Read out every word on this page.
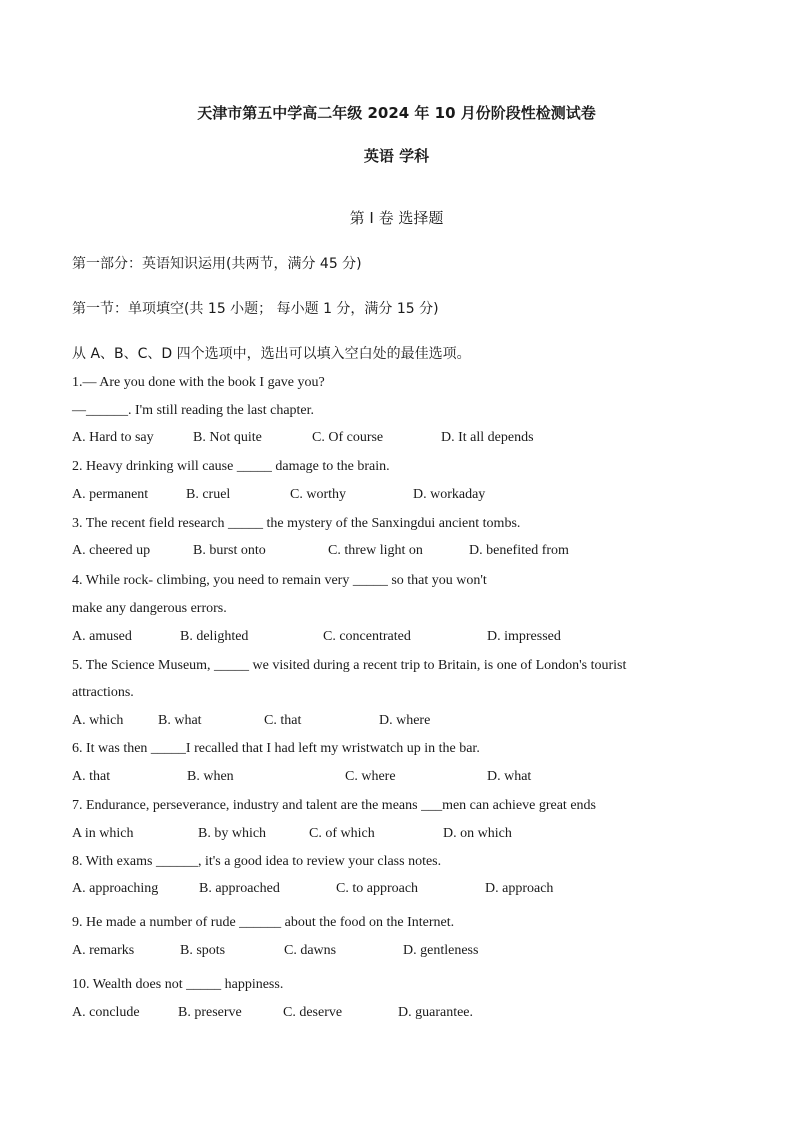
天津市第五中学高二年级 2024 年 10 月份阶段性检测试卷
英语 学科
第 I 卷 选择题
第一部分：英语知识运用(共两节，满分 45 分)
第一节：单项填空(共 15 小题； 每小题 1 分，满分 15 分)
从 A、B、C、D 四个选项中，选出可以填入空白处的最佳选项。
1.— Are you done with the book I gave you?
—______. I'm still reading the last chapter.
2. Heavy drinking will cause _____ damage to the brain.
3. The recent field research _____ the mystery of the Sanxingdui ancient tombs.
4. While rock- climbing, you need to remain very _____ so that you won't
make any dangerous errors.
5. The Science Museum, _____ we visited during a recent trip to Britain, is one of London's tourist
attractions.
6. It was then _____I recalled that I had left my wristwatch up in the bar.
7. Endurance, perseverance, industry and talent are the means ___men can achieve great ends
8. With exams ______, it's a good idea to review your class notes.
9. He made a number of rude ______ about the food on the Internet.
10. Wealth does not _____ happiness.
A. Hard to say	B. Not quite	C. Of course	D. It all depends
A. permanent	B. cruel	C. worthy	D. workaday
A. cheered up	B. burst onto	C. threw light on	D. benefited from
A. amused	B. delighted	C. concentrated	D. impressed
A. which B. what	C. that	D. where
A. that	B. when	C. where	D. what
A in which	B. by which	C. of which	D. on which
A. approaching	B. approached	C. to approach	D. approach
A. remarks	B. spots	C. dawns	D. gentleness
A. conclude	B. preserve	C. deserve	D. guarantee.
